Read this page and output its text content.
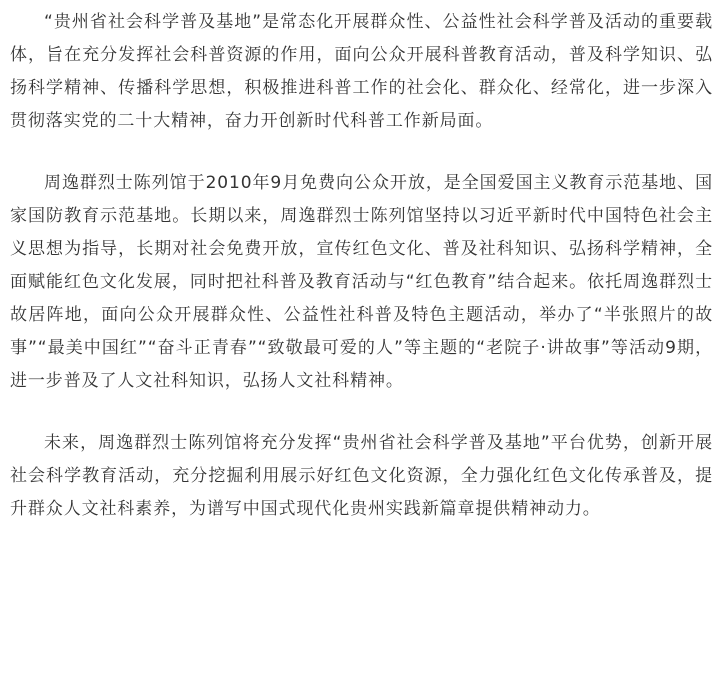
“贵州省社会科学普及基地”是常态化开展群众性、公益性社会科学普及活动的重要载体，旨在充分发挥社会科普资源的作用，面向公众开展科普教育活动，普及科学知识、弘扬科学精神、传播科学思想，积极推进科普工作的社会化、群众化、经常化，进一步深入贯彻落实党的二十大精神，奋力开创新时代科普工作新局面。

周逸群烈士陈列馆于2010年9月免费向公众开放，是全国爱国主义教育示范基地、国家国防教育示范基地。长期以来，周逸群烈士陈列馆坚持以习近平新时代中国特色社会主义思想为指导，长期对社会免费开放，宣传红色文化、普及社科知识、弘扬科学精神，全面赋能红色文化发展，同时把社科普及教育活动与“红色教育”结合起来。依托周逸群烈士故居阵地，面向公众开展群众性、公益性社科普及特色主题活动，举办了“半张照片的故事”“最美中国红”“奋斗正青春”“致敬最可爱的人”等主题的“老院子·讲故事”等活动9期，进一步普及了人文社科知识，弘扬人文社科精神。

未来，周逸群烈士陈列馆将充分发挥“贵州省社会科学普及基地”平台优势，创新开展社会科学教育活动，充分挖掘利用展示好红色文化资源，全力强化红色文化传承普及，提升群众人文社科素养，为谱写中国式现代化贵州实践新篇章提供精神动力。
